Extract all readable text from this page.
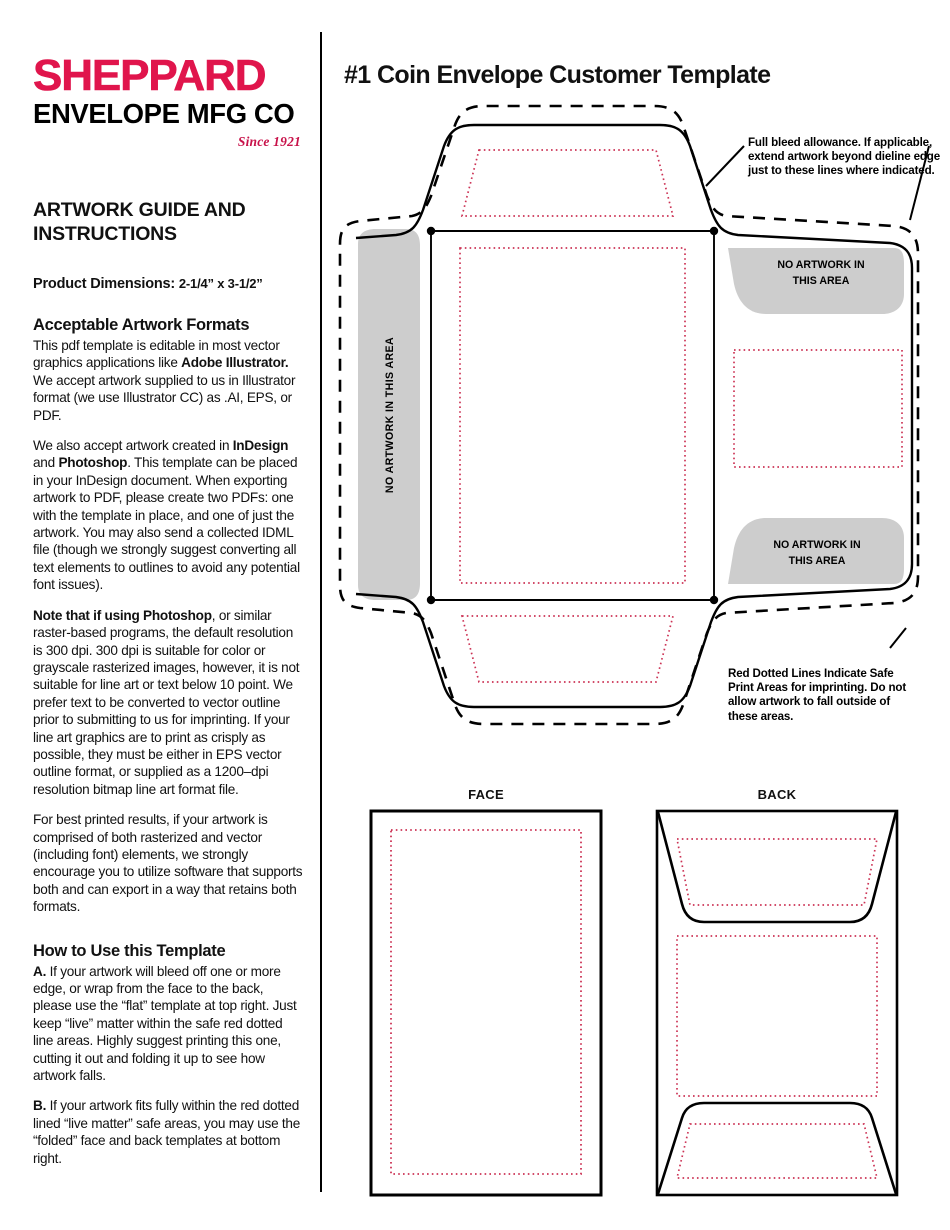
SHEPPARD
ENVELOPE MFG CO
Since 1921
ARTWORK GUIDE AND INSTRUCTIONS
Product Dimensions: 2-1/4” x 3-1/2”
Acceptable Artwork Formats

This pdf template is editable in most vector graphics applications like Adobe Illustrator. We accept artwork supplied to us in Illustrator format (we use Illustrator CC) as .AI, EPS, or PDF.

We also accept artwork created in InDesign and Photoshop. This template can be placed in your InDesign document. When exporting artwork to PDF, please create two PDFs: one with the template in place, and one of just the artwork. You may also send a collected IDML file (though we strongly suggest converting all text elements to outlines to avoid any potential font issues).

Note that if using Photoshop, or similar raster-based programs, the default resolution is 300 dpi. 300 dpi is suitable for color or grayscale rasterized images, however, it is not suitable for line art or text below 10 point. We prefer text to be converted to vector outline prior to submitting to us for imprinting. If your line art graphics are to print as crisply as possible, they must be either in EPS vector outline format, or supplied as a 1200–dpi resolution bitmap line art format file.

For best printed results, if your artwork is comprised of both rasterized and vector (including font) elements, we strongly encourage you to utilize software that supports both and can export in a way that retains both formats.

How to Use this Template

A. If your artwork will bleed off one or more edge, or wrap from the face to the back, please use the “flat” template at top right. Just keep “live” matter within the safe red dotted line areas. Highly suggest printing this one, cutting it out and folding it up to see how artwork falls.

B. If your artwork fits fully within the red dotted lined “live matter” safe areas, you may use the “folded” face and back templates at bottom right.

#1 Coin Envelope Customer Template
Full bleed allowance. If applicable, extend artwork beyond dieline edge just to these lines where indicated.
Red Dotted Lines Indicate Safe Print Areas for imprinting. Do not allow artwork to fall outside of these areas.
NO ARTWORK IN
THIS AREA
NO ARTWORK IN
THIS AREA
NO ARTWORK IN THIS AREA
FACE	BACK
